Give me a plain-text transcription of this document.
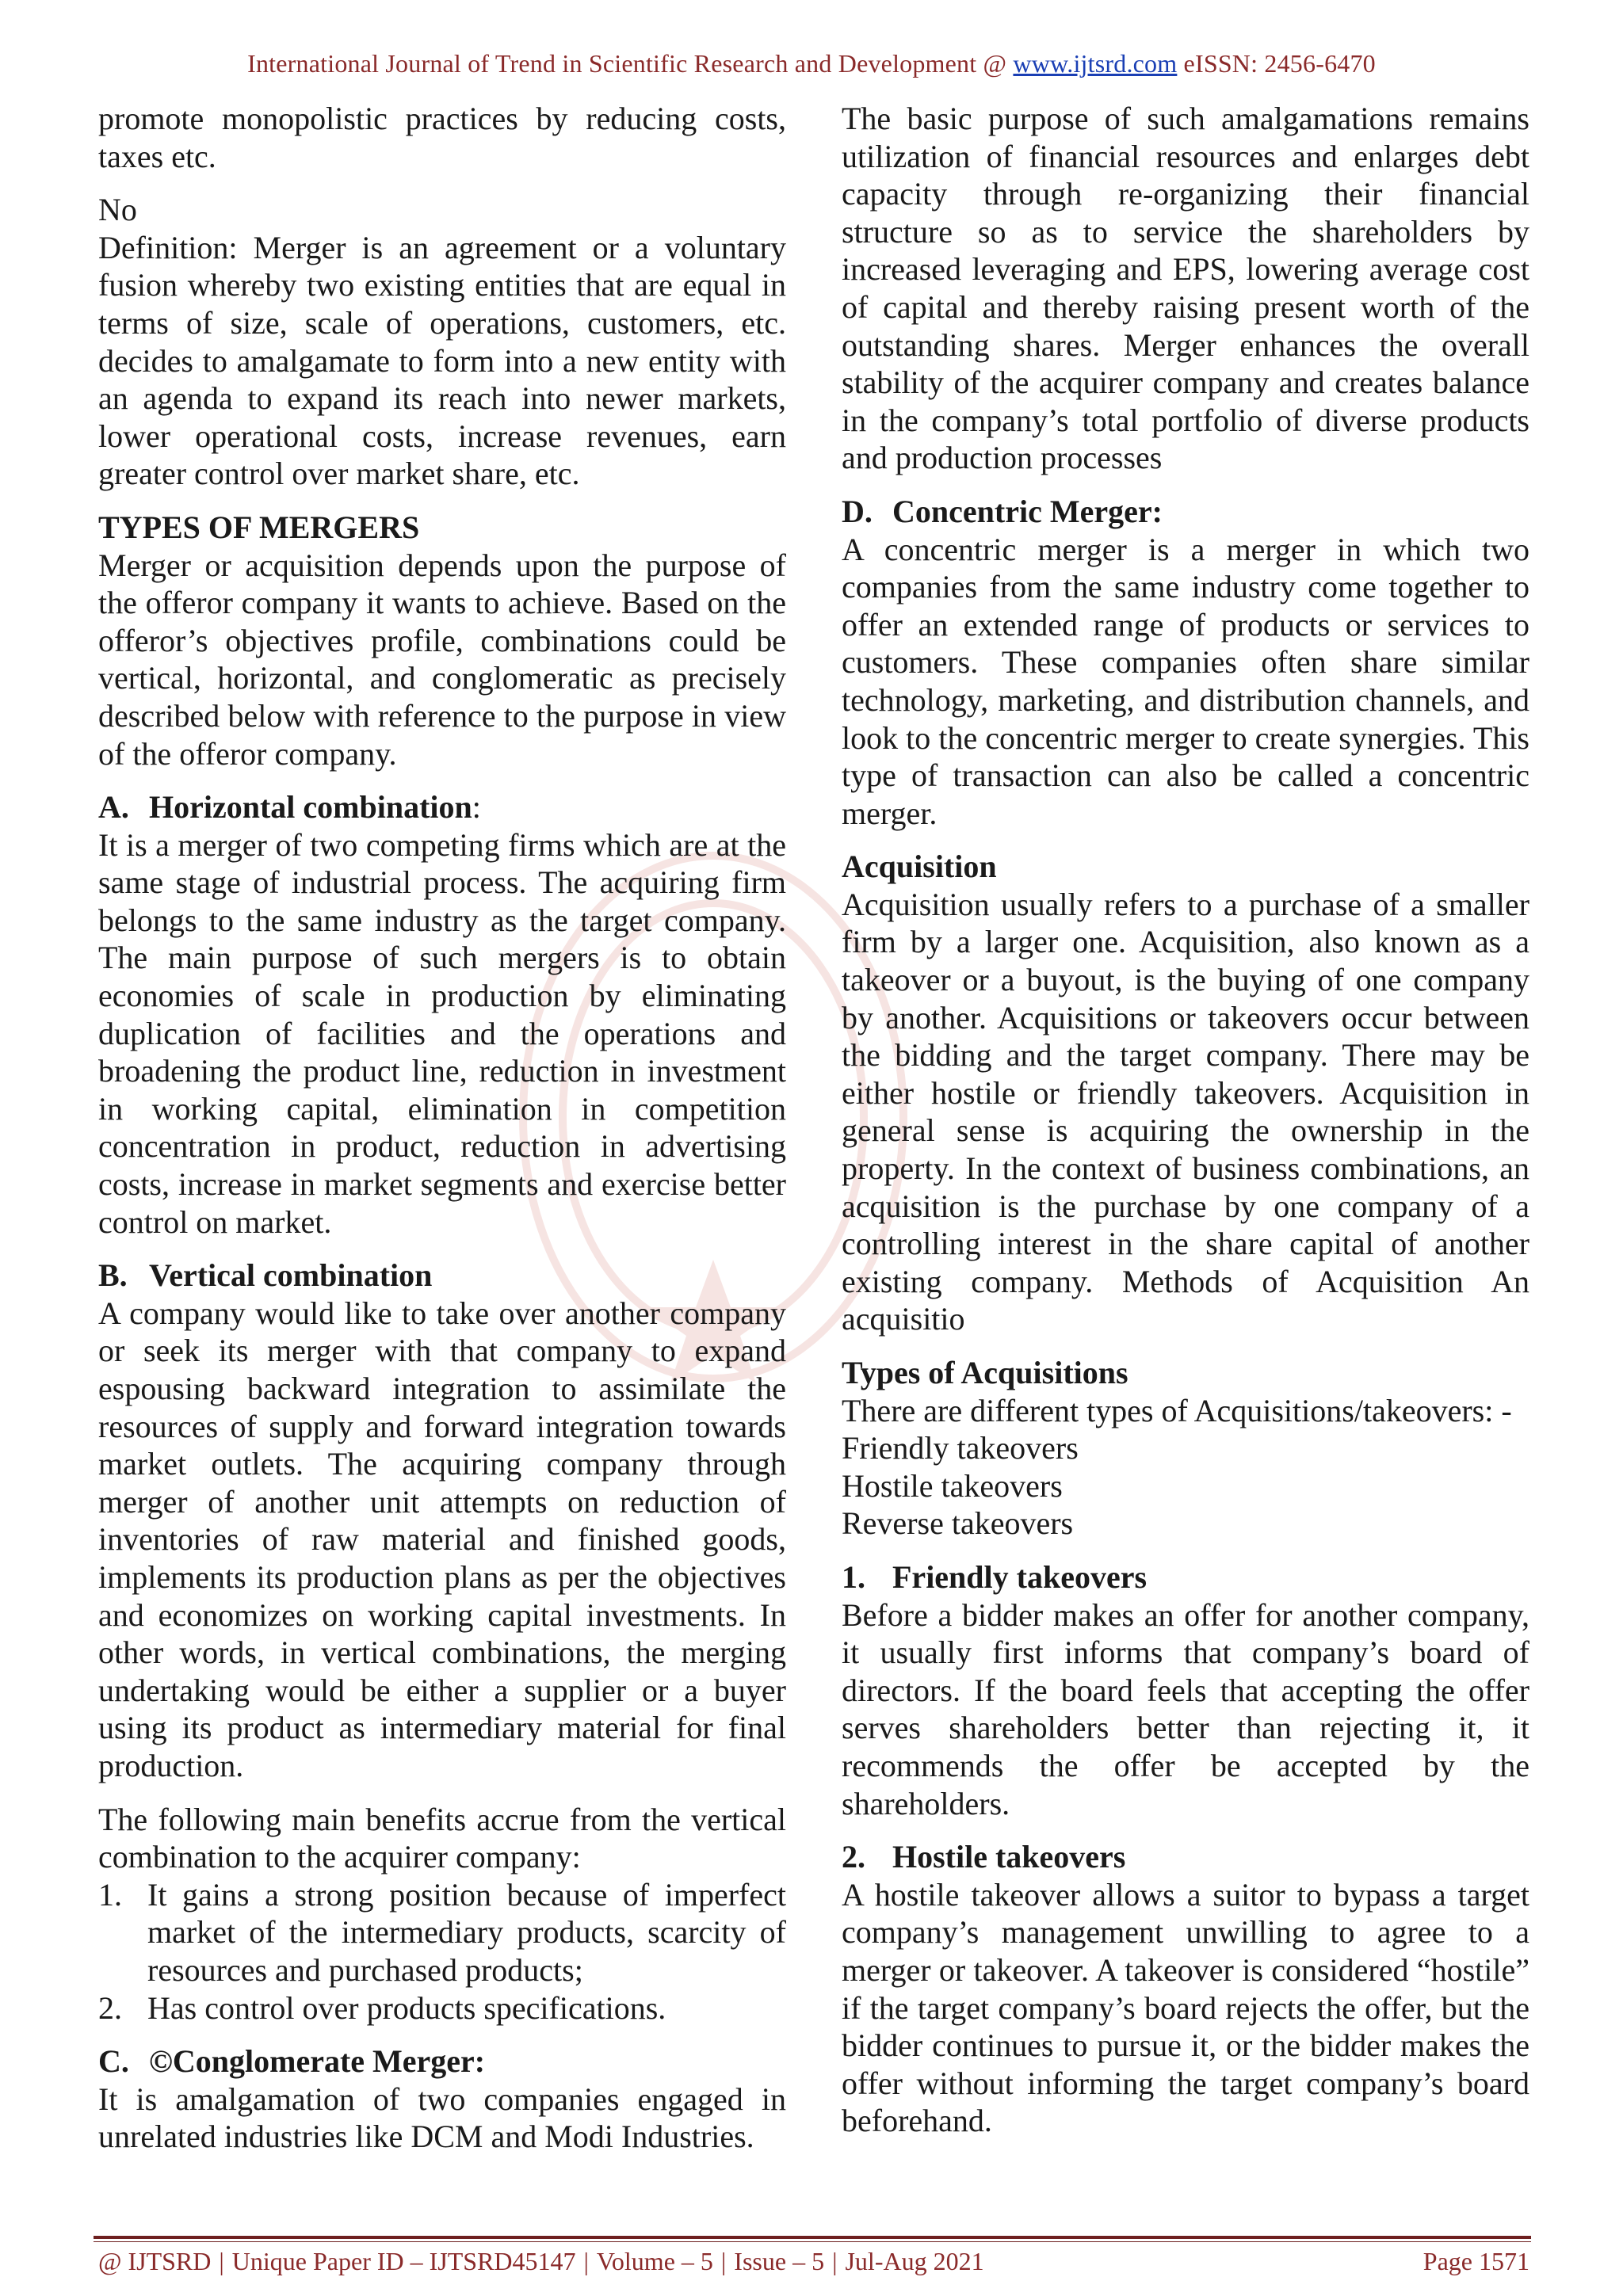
International Journal of Trend in Scientific Research and Development @ www.ijtsrd.com eISSN: 2456-6470

promote monopolistic practices by reducing costs, taxes etc.

No

Definition: Merger is an agreement or a voluntary fusion whereby two existing entities that are equal in terms of size, scale of operations, customers, etc. decides to amalgamate to form into a new entity with an agenda to expand its reach into newer markets, lower operational costs, increase revenues, earn greater control over market share, etc.

TYPES OF MERGERS

Merger or acquisition depends upon the purpose of the offeror company it wants to achieve. Based on the offeror’s objectives profile, combinations could be vertical, horizontal, and conglomeratic as precisely described below with reference to the purpose in view of the offeror company.

A. Horizontal combination:

It is a merger of two competing firms which are at the same stage of industrial process. The acquiring firm belongs to the same industry as the target company. The main purpose of such mergers is to obtain economies of scale in production by eliminating duplication of facilities and the operations and broadening the product line, reduction in investment in working capital, elimination in competition concentration in product, reduction in advertising costs, increase in market segments and exercise better control on market.

B. Vertical combination

A company would like to take over another company or seek its merger with that company to expand espousing backward integration to assimilate the resources of supply and forward integration towards market outlets. The acquiring company through merger of another unit attempts on reduction of inventories of raw material and finished goods, implements its production plans as per the objectives and economizes on working capital investments. In other words, in vertical combinations, the merging undertaking would be either a supplier or a buyer using its product as intermediary material for final production.

The following main benefits accrue from the vertical combination to the acquirer company:

1. It gains a strong position because of imperfect market of the intermediary products, scarcity of resources and purchased products;
2. Has control over products specifications.
C. ©Conglomerate Merger:

It is amalgamation of two companies engaged in unrelated industries like DCM and Modi Industries.

The basic purpose of such amalgamations remains utilization of financial resources and enlarges debt capacity through re-organizing their financial structure so as to service the shareholders by increased leveraging and EPS, lowering average cost of capital and thereby raising present worth of the outstanding shares. Merger enhances the overall stability of the acquirer company and creates balance in the company’s total portfolio of diverse products and production processes

D. Concentric Merger:

A concentric merger is a merger in which two companies from the same industry come together to offer an extended range of products or services to customers. These companies often share similar technology, marketing, and distribution channels, and look to the concentric merger to create synergies. This type of transaction can also be called a concentric merger.

Acquisition

Acquisition usually refers to a purchase of a smaller firm by a larger one. Acquisition, also known as a takeover or a buyout, is the buying of one company by another. Acquisitions or takeovers occur between the bidding and the target company. There may be either hostile or friendly takeovers. Acquisition in general sense is acquiring the ownership in the property. In the context of business combinations, an acquisition is the purchase by one company of a controlling interest in the share capital of another existing company. Methods of Acquisition An acquisitio

Types of Acquisitions
There are different types of Acquisitions/takeovers: -
Friendly takeovers
Hostile takeovers
Reverse takeovers
1. Friendly takeovers

Before a bidder makes an offer for another company, it usually first informs that company’s board of directors. If the board feels that accepting the offer serves shareholders better than rejecting it, it recommends the offer be accepted by the shareholders.

2. Hostile takeovers

A hostile takeover allows a suitor to bypass a target company’s management unwilling to agree to a merger or takeover. A takeover is considered “hostile” if the target company’s board rejects the offer, but the bidder continues to pursue it, or the bidder makes the offer without informing the target company’s board beforehand.

@ IJTSRD | Unique Paper ID – IJTSRD45147 | Volume – 5 | Issue – 5 | Jul-Aug 2021	Page 1571
